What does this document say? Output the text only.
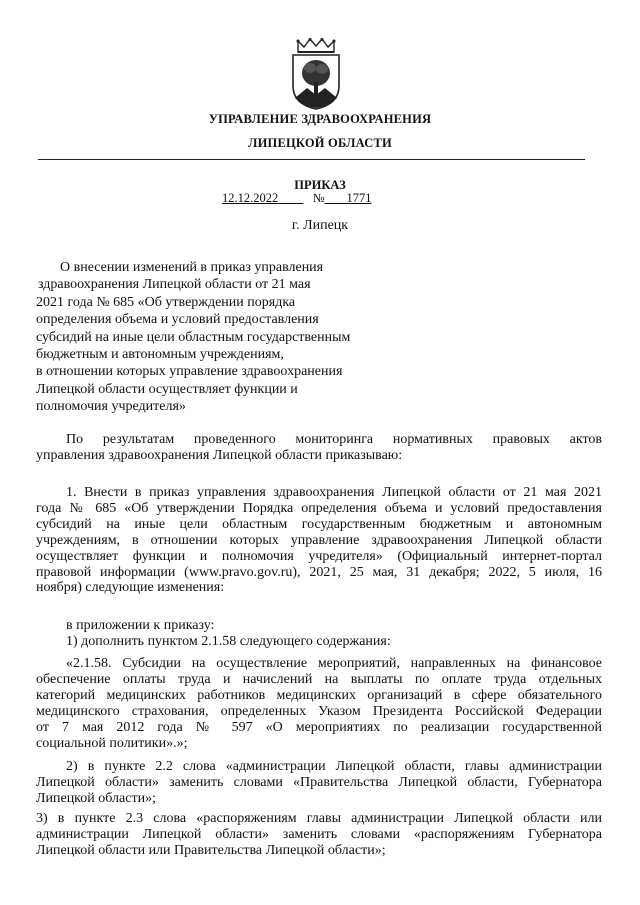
УПРАВЛЕНИЕ ЗДРАВООХРАНЕНИЯ
ЛИПЕЦКОЙ ОБЛАСТИ
ПРИКАЗ
12.12.2022	№ 1771
г. Липецк
О внесении изменений в приказ управления
здравоохранения Липецкой области от 21 мая
2021 года № 685 «Об утверждении порядка
определения объема и условий предоставления
субсидий на иные цели областным государственным
бюджетным и автономным учреждениям,
в отношении которых управление здравоохранения
Липецкой области осуществляет функции и
полномочия учредителя»
По результатам проведенного мониторинга нормативных правовых актов
управления здравоохранения Липецкой области приказываю:
1. Внести в приказ управления здравоохранения Липецкой области от 21 мая 2021
года № 685 «Об утверждении Порядка определения объема и условий предоставления
субсидий на иные цели областным государственным бюджетным и автономным
учреждениям, в отношении которых управление здравоохранения Липецкой области
осуществляет функции и полномочия учредителя» (Официальный интернет-портал
правовой информации (www.pravo.gov.ru), 2021, 25 мая, 31 декабря; 2022, 5 июля, 16
ноября) следующие изменения:
в приложении к приказу:
1) дополнить пунктом 2.1.58 следующего содержания:
«2.1.58. Субсидии на осуществление мероприятий, направленных на финансовое
обеспечение оплаты труда и начислений на выплаты по оплате труда отдельных
категорий медицинских работников медицинских организаций в сфере обязательного
медицинского страхования, определенных Указом Президента Российской Федерации
от 7 мая 2012 года № 597 «О мероприятиях по реализации государственной
социальной политики».»;
2) в пункте 2.2 слова «администрации Липецкой области, главы администрации
Липецкой области» заменить словами «Правительства Липецкой области, Губернатора
Липецкой области»;
3) в пункте 2.3 слова «распоряжениям главы администрации Липецкой области или
администрации Липецкой области» заменить словами «распоряжениям Губернатора
Липецкой области или Правительства Липецкой области»;
